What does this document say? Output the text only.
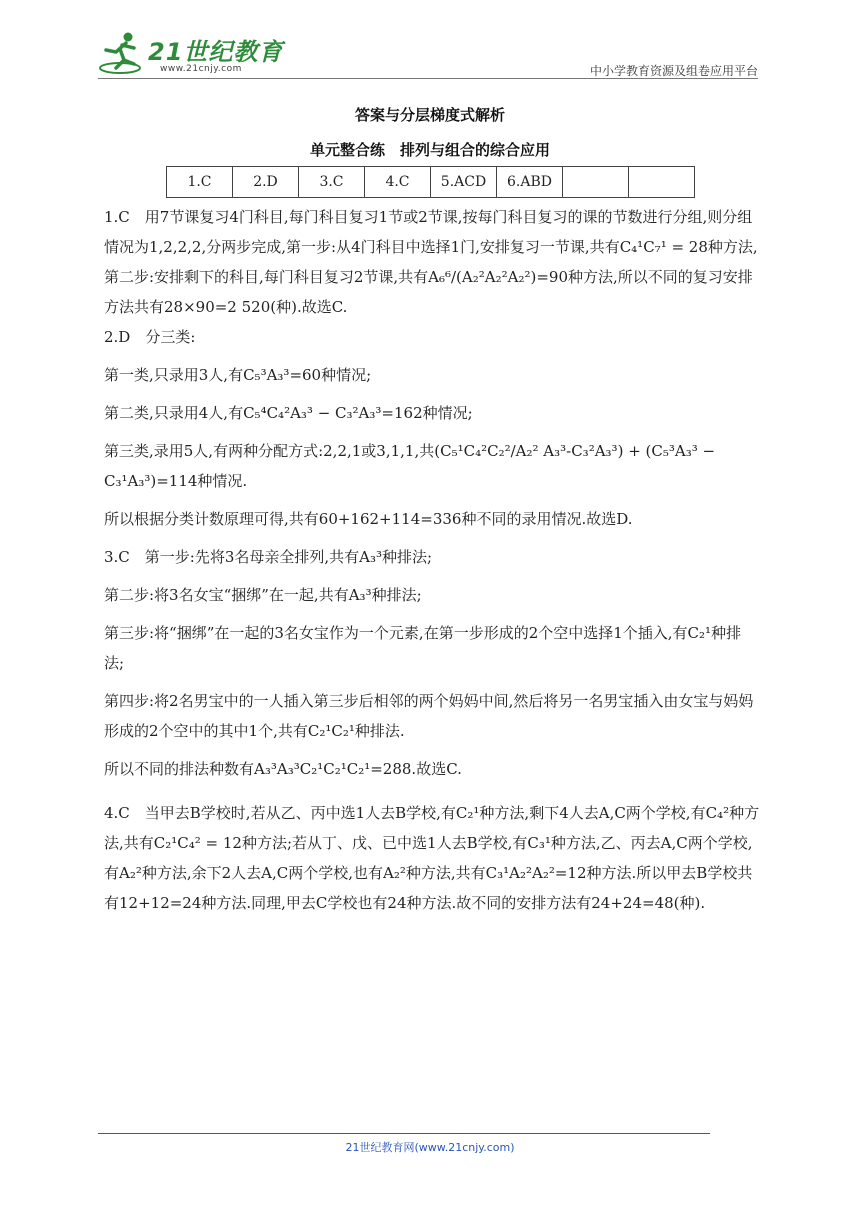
21世纪教育
www.21cnjy.com	中小学教育资源及组卷应用平台
答案与分层梯度式解析
单元整合练　排列与组合的综合应用
1.C	2.D	3.C	4.C	5.ACD	6.ABD		

1.C　用7节课复习4门科目,每门科目复习1节或2节课,按每门科目复习的课的节数进行分组,则分组情况为1,2,2,2,分两步完成,第一步:从4门科目中选择1门,安排复习一节课,共有C₄¹C₇¹ = 28种方法,第二步:安排剩下的科目,每门科目复习2节课,共有A₆⁶/(A₂²A₂²A₂²)=90种方法,所以不同的复习安排方法共有28×90=2 520(种).故选C.

2.D　分三类:

第一类,只录用3人,有C₅³A₃³=60种情况;

第二类,只录用4人,有C₅⁴C₄²A₃³ − C₃²A₃³=162种情况;

第三类,录用5人,有两种分配方式:2,2,1或3,1,1,共(C₅¹C₄²C₂²/A₂² A₃³-C₃²A₃³) + (C₅³A₃³ − C₃¹A₃³)=114种情况.

所以根据分类计数原理可得,共有60+162+114=336种不同的录用情况.故选D.

3.C　第一步:先将3名母亲全排列,共有A₃³种排法;

第二步:将3名女宝“捆绑”在一起,共有A₃³种排法;

第三步:将“捆绑”在一起的3名女宝作为一个元素,在第一步形成的2个空中选择1个插入,有C₂¹种排法;

第四步:将2名男宝中的一人插入第三步后相邻的两个妈妈中间,然后将另一名男宝插入由女宝与妈妈形成的2个空中的其中1个,共有C₂¹C₂¹种排法.

所以不同的排法种数有A₃³A₃³C₂¹C₂¹C₂¹=288.故选C.

4.C　当甲去B学校时,若从乙、丙中选1人去B学校,有C₂¹种方法,剩下4人去A,C两个学校,有C₄²种方法,共有C₂¹C₄² = 12种方法;若从丁、戊、已中选1人去B学校,有C₃¹种方法,乙、丙去A,C两个学校,有A₂²种方法,余下2人去A,C两个学校,也有A₂²种方法,共有C₃¹A₂²A₂²=12种方法.所以甲去B学校共有12+12=24种方法.同理,甲去C学校也有24种方法.故不同的安排方法有24+24=48(种).

21世纪教育网(www.21cnjy.com)
